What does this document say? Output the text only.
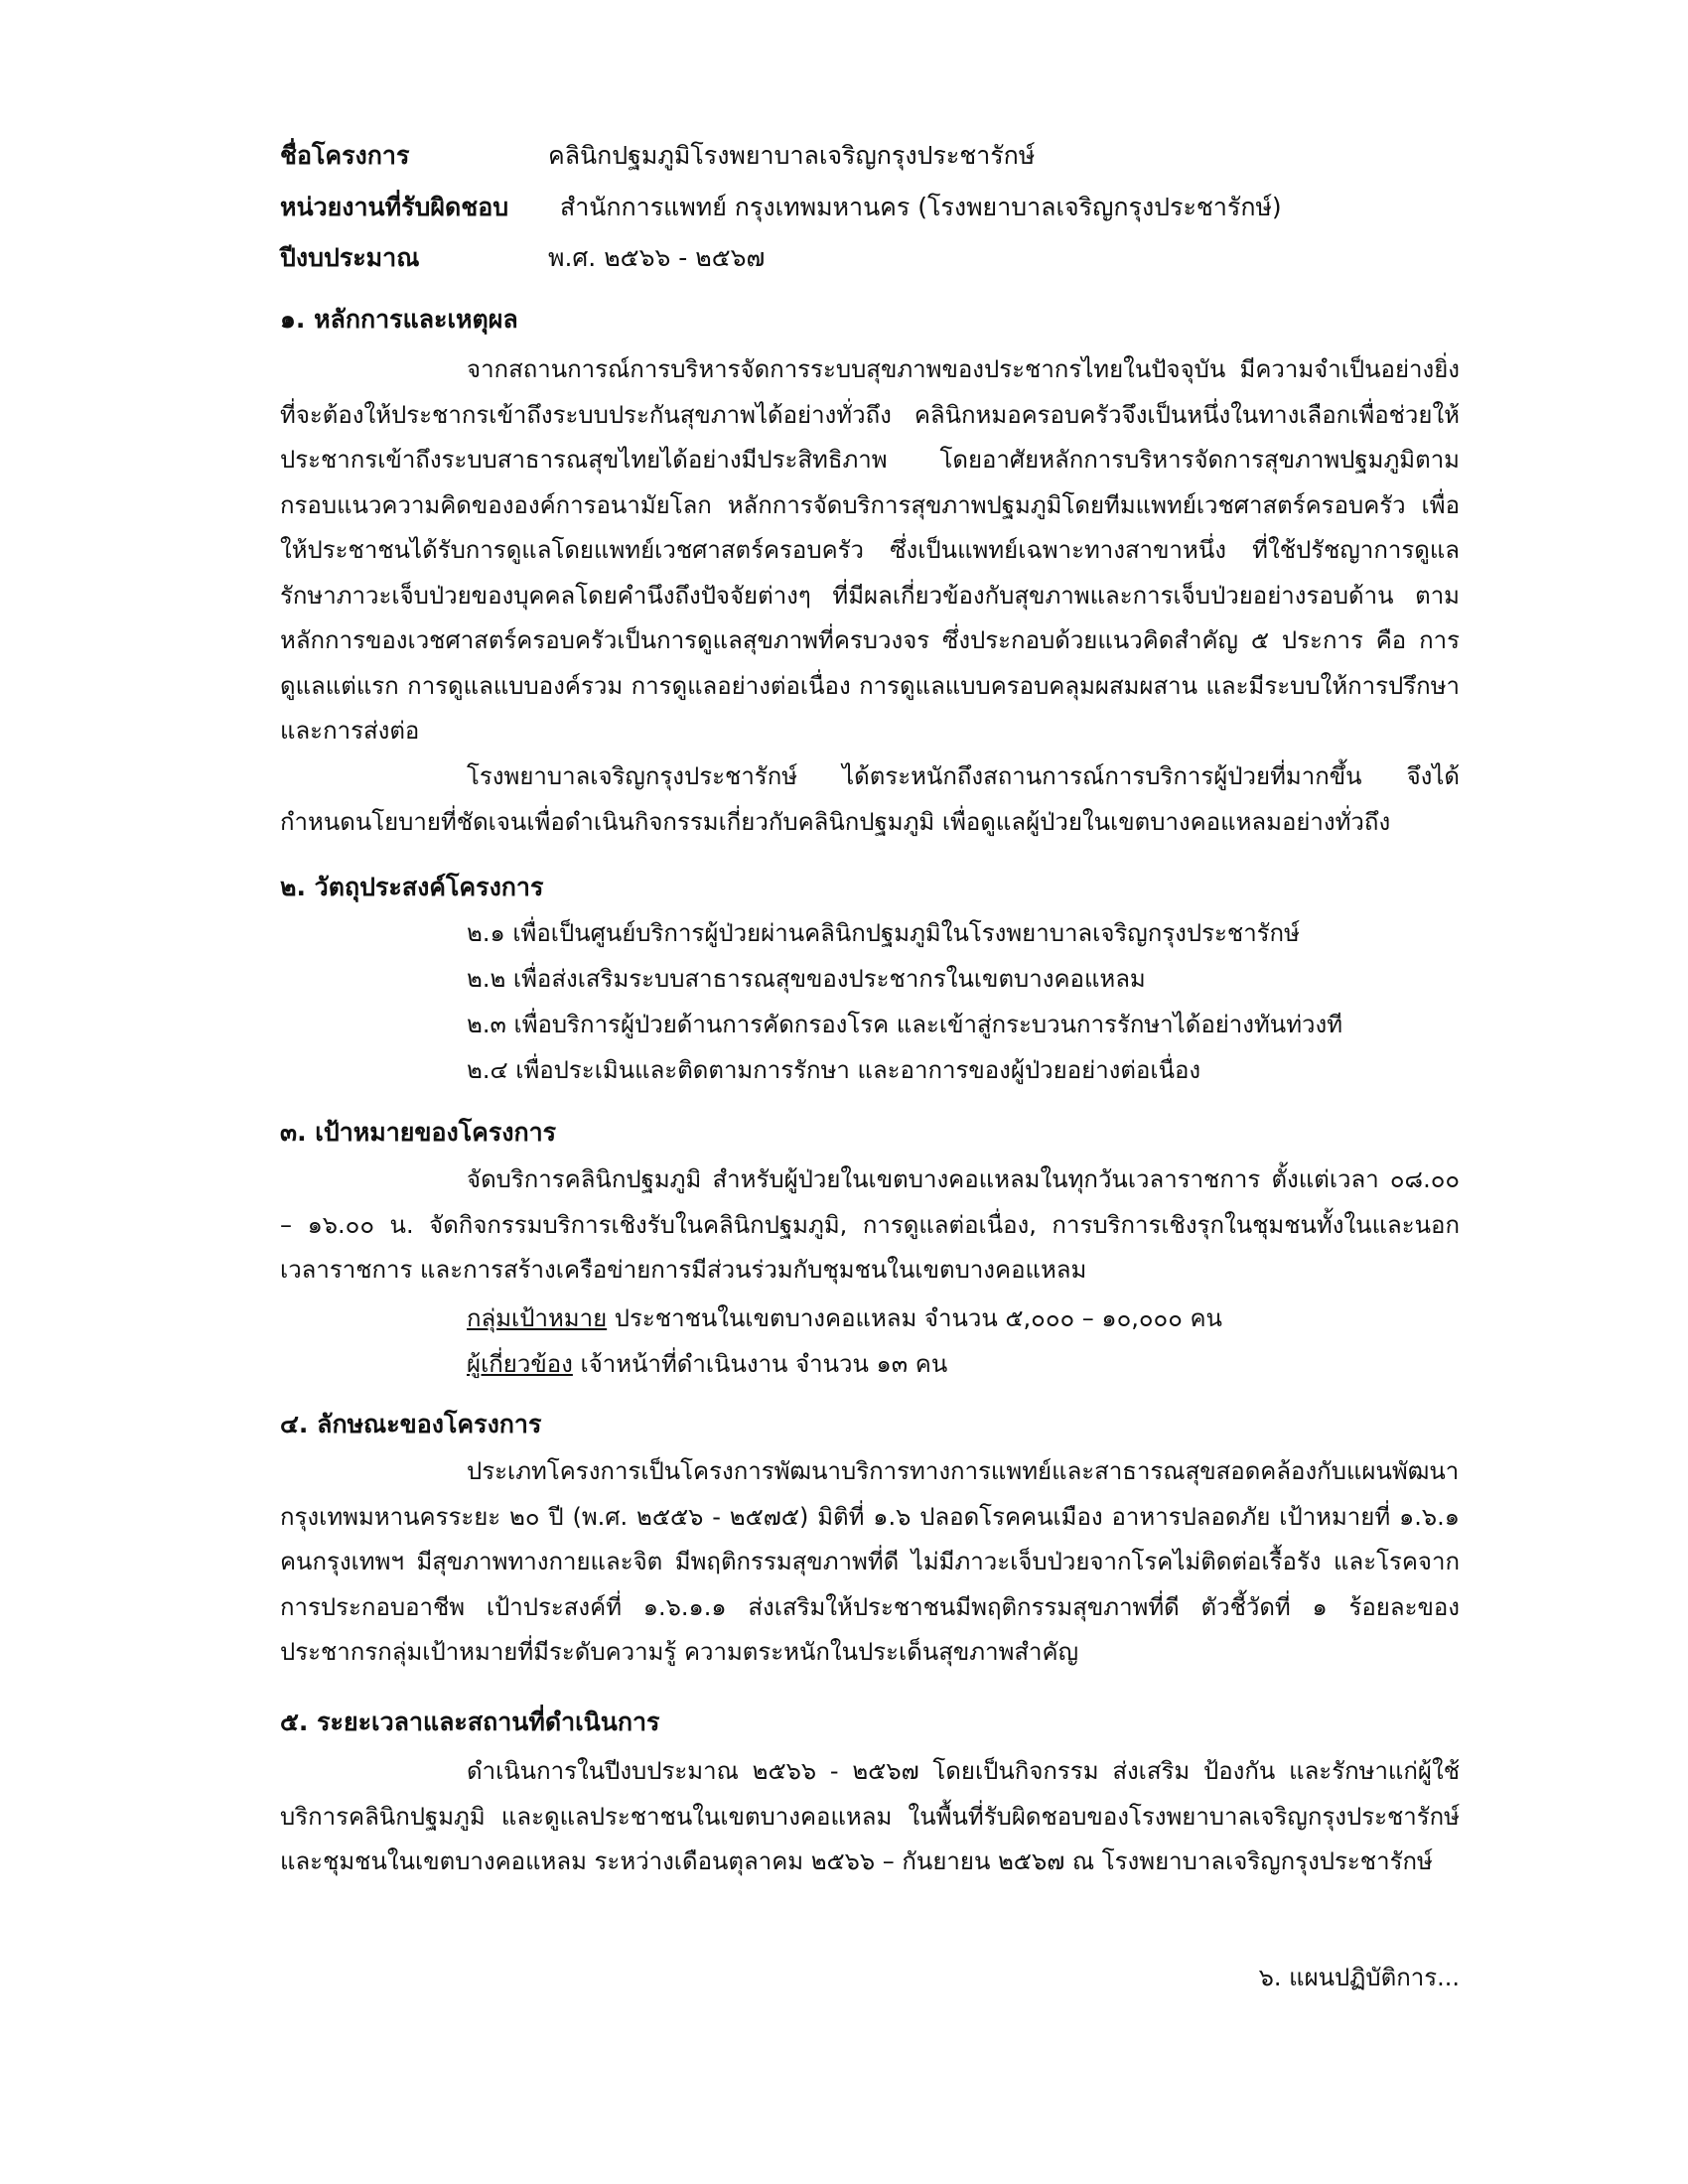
ชื่อโครงการ	คลินิกปฐมภูมิโรงพยาบาลเจริญกรุงประชารักษ์
หน่วยงานที่รับผิดชอบ สำนักการแพทย์ กรุงเทพมหานคร (โรงพยาบาลเจริญกรุงประชารักษ์)
ปีงบประมาณ	พ.ศ. ๒๕๖๖ - ๒๕๖๗
๑. หลักการและเหตุผล

จากสถานการณ์การบริหารจัดการระบบสุขภาพของประชากรไทยในปัจจุบัน มีความจำเป็นอย่างยิ่งที่จะต้องให้ประชากรเข้าถึงระบบประกันสุขภาพได้อย่างทั่วถึง คลินิกหมอครอบครัวจึงเป็นหนึ่งในทางเลือกเพื่อช่วยให้ประชากรเข้าถึงระบบสาธารณสุขไทยได้อย่างมีประสิทธิภาพ โดยอาศัยหลักการบริหารจัดการสุขภาพปฐมภูมิตามกรอบแนวความคิดขององค์การอนามัยโลก หลักการจัดบริการสุขภาพปฐมภูมิโดยทีมแพทย์เวชศาสตร์ครอบครัว เพื่อให้ประชาชนได้รับการดูแลโดยแพทย์เวชศาสตร์ครอบครัว ซึ่งเป็นแพทย์เฉพาะทางสาขาหนึ่ง ที่ใช้ปรัชญาการดูแลรักษาภาวะเจ็บป่วยของบุคคลโดยคำนึงถึงปัจจัยต่างๆ ที่มีผลเกี่ยวข้องกับสุขภาพและการเจ็บป่วยอย่างรอบด้าน ตามหลักการของเวชศาสตร์ครอบครัวเป็นการดูแลสุขภาพที่ครบวงจร ซึ่งประกอบด้วยแนวคิดสำคัญ ๕ ประการ คือ การดูแลแต่แรก การดูแลแบบองค์รวม การดูแลอย่างต่อเนื่อง การดูแลแบบครอบคลุมผสมผสาน และมีระบบให้การปรึกษาและการส่งต่อ

โรงพยาบาลเจริญกรุงประชารักษ์ ได้ตระหนักถึงสถานการณ์การบริการผู้ป่วยที่มากขึ้น จึงได้กำหนดนโยบายที่ชัดเจนเพื่อดำเนินกิจกรรมเกี่ยวกับคลินิกปฐมภูมิ เพื่อดูแลผู้ป่วยในเขตบางคอแหลมอย่างทั่วถึง

๒. วัตถุประสงค์โครงการ
๒.๑ เพื่อเป็นศูนย์บริการผู้ป่วยผ่านคลินิกปฐมภูมิในโรงพยาบาลเจริญกรุงประชารักษ์
๒.๒ เพื่อส่งเสริมระบบสาธารณสุขของประชากรในเขตบางคอแหลม
๒.๓ เพื่อบริการผู้ป่วยด้านการคัดกรองโรค และเข้าสู่กระบวนการรักษาได้อย่างทันท่วงที
๒.๔ เพื่อประเมินและติดตามการรักษา และอาการของผู้ป่วยอย่างต่อเนื่อง
๓. เป้าหมายของโครงการ

จัดบริการคลินิกปฐมภูมิ สำหรับผู้ป่วยในเขตบางคอแหลมในทุกวันเวลาราชการ ตั้งแต่เวลา ๐๘.๐๐ – ๑๖.๐๐ น. จัดกิจกรรมบริการเชิงรับในคลินิกปฐมภูมิ, การดูแลต่อเนื่อง, การบริการเชิงรุกในชุมชนทั้งในและนอกเวลาราชการ และการสร้างเครือข่ายการมีส่วนร่วมกับชุมชนในเขตบางคอแหลม

กลุ่มเป้าหมาย ประชาชนในเขตบางคอแหลม จำนวน ๕,๐๐๐ – ๑๐,๐๐๐ คน
ผู้เกี่ยวข้อง เจ้าหน้าที่ดำเนินงาน จำนวน ๑๓ คน
๔. ลักษณะของโครงการ

ประเภทโครงการเป็นโครงการพัฒนาบริการทางการแพทย์และสาธารณสุขสอดคล้องกับแผนพัฒนากรุงเทพมหานครระยะ ๒๐ ปี (พ.ศ. ๒๕๕๖ - ๒๕๗๕) มิติที่ ๑.๖ ปลอดโรคคนเมือง อาหารปลอดภัย เป้าหมายที่ ๑.๖.๑ คนกรุงเทพฯ มีสุขภาพทางกายและจิต มีพฤติกรรมสุขภาพที่ดี ไม่มีภาวะเจ็บป่วยจากโรคไม่ติดต่อเรื้อรัง และโรคจากการประกอบอาชีพ เป้าประสงค์ที่ ๑.๖.๑.๑ ส่งเสริมให้ประชาชนมีพฤติกรรมสุขภาพที่ดี ตัวชี้วัดที่ ๑ ร้อยละของประชากรกลุ่มเป้าหมายที่มีระดับความรู้ ความตระหนักในประเด็นสุขภาพสำคัญ

๕. ระยะเวลาและสถานที่ดำเนินการ

ดำเนินการในปีงบประมาณ ๒๕๖๖ - ๒๕๖๗ โดยเป็นกิจกรรม ส่งเสริม ป้องกัน และรักษาแก่ผู้ใช้บริการคลินิกปฐมภูมิ และดูแลประชาชนในเขตบางคอแหลม ในพื้นที่รับผิดชอบของโรงพยาบาลเจริญกรุงประชารักษ์ และชุมชนในเขตบางคอแหลม ระหว่างเดือนตุลาคม ๒๕๖๖ – กันยายน ๒๕๖๗ ณ โรงพยาบาลเจริญกรุงประชารักษ์

๖. แผนปฏิบัติการ...
